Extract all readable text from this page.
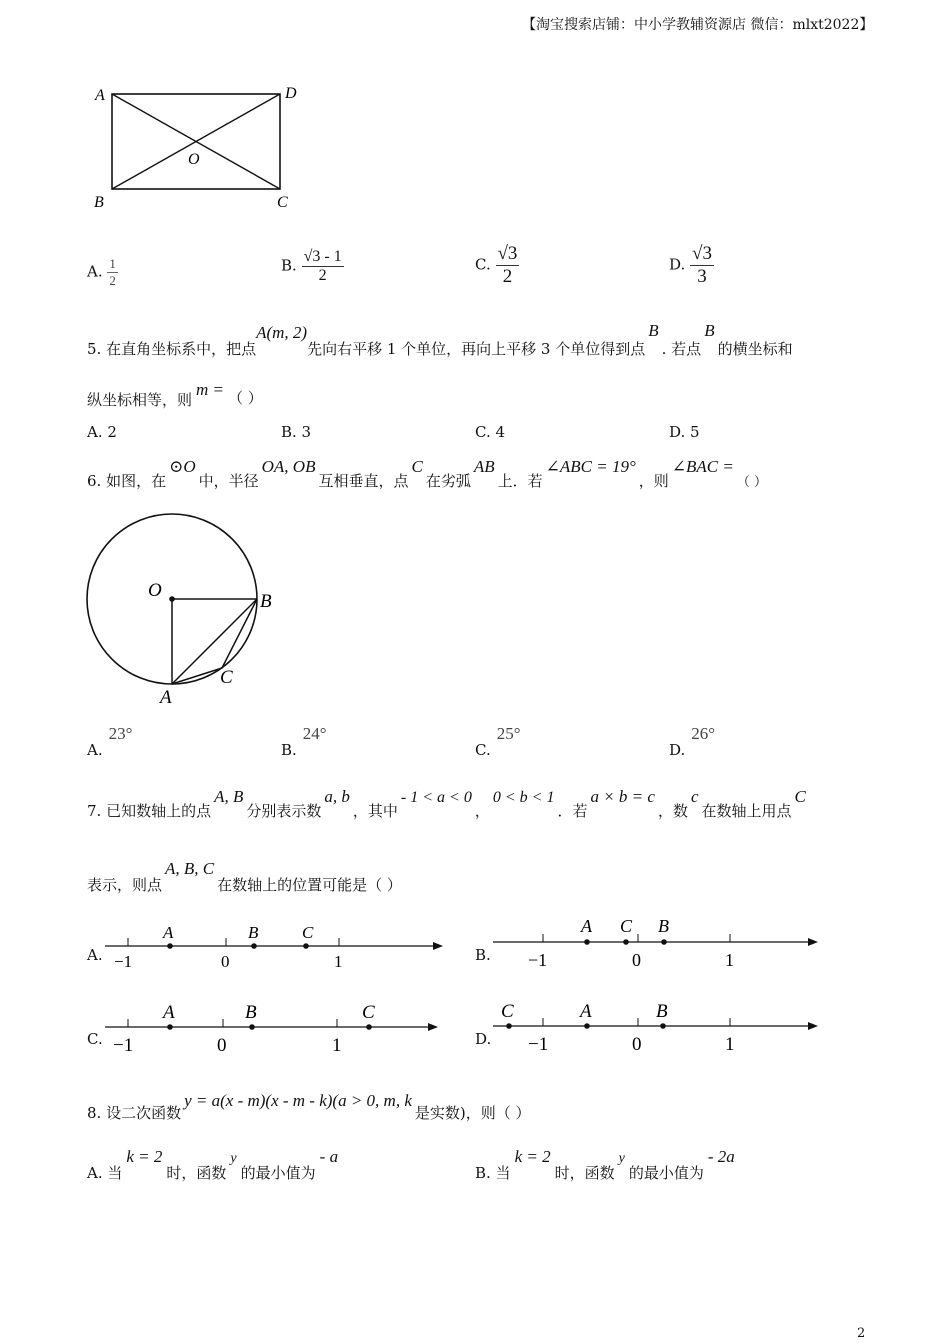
【淘宝搜索店铺：中小学教辅资源店 微信：mlxt2022】
A	D
O
B	C
A. $\frac{1}{2}$	B. $\frac{√3 - 1}{2}$	C. $\frac{√3}{2}$	D. $\frac{√3}{3}$
5. 在直角坐标系中，把点A(m, 2)先向右平移 1 个单位，再向上平移 3 个单位得到点B. 若点B的横坐标和
纵坐标相等，则m = （ ）
A. 2	B. 3	C. 4	D. 5
6. 如图，在⊙O中，半径OA, OB互相垂直，点C在劣弧AB上．若∠ABC = 19°，则∠BAC =（ ）
O
B
A
C
A.23°
B.24°
C.25°
D.26°
7. 已知数轴上的点A, B分别表示数a, b，其中- 1 < a < 0，0 < b < 1．若a × b = c，数c在数轴上用点C
表示，则点A, B, C在数轴上的位置可能是（ ）
A. −1	0	1
A	B	C
B. −1	0	1
A C B
C. −1	0	1
A	B	C
D. −1	0	1
C	A	B
8. 设二次函数y = a(x - m)(x - m - k)(a > 0, m, k是实数)，则（ ）
A. 当k = 2时，函数y的最小值为- a
B. 当k = 2时，函数y的最小值为- 2a
2
